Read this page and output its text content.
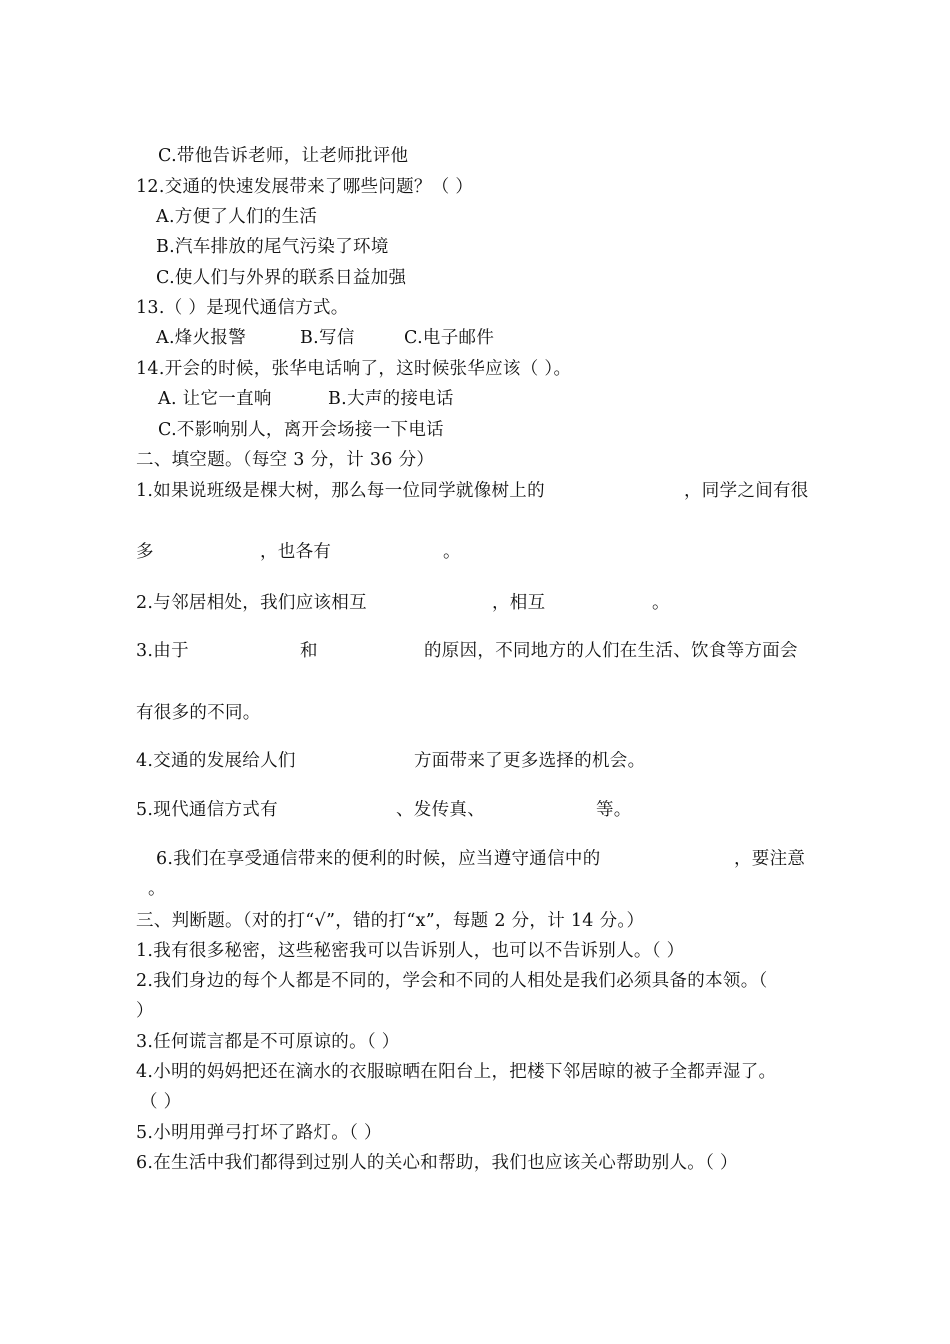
C.带他告诉老师，让老师批评他
12.交通的快速发展带来了哪些问题？（ ）
A.方便了人们的生活
B.汽车排放的尾气污染了环境
C.使人们与外界的联系日益加强
13.（ ）是现代通信方式。
A.烽火报警	B.写信	C.电子邮件
14.开会的时候，张华电话响了，这时候张华应该（ ）。
A. 让它一直响	B.大声的接电话
C.不影响别人，离开会场接一下电话
二、填空题。（每空 3 分，计 36 分）
1.如果说班级是棵大树，那么每一位同学就像树上的	，同学之间有很
多	，也各有	。
2.与邻居相处，我们应该相互	，相互	。
3.由于	和	的原因，不同地方的人们在生活、饮食等方面会
有很多的不同。
4.交通的发展给人们	方面带来了更多选择的机会。
5.现代通信方式有	、发传真、	等。
6.我们在享受通信带来的便利的时候，应当遵守通信中的	，要注意
。
三、判断题。（对的打“√”，错的打“x”，每题 2 分，计 14 分。）
1.我有很多秘密，这些秘密我可以告诉别人，也可以不告诉别人。（ ）
2.我们身边的每个人都是不同的，学会和不同的人相处是我们必须具备的本领。（
）
3.任何谎言都是不可原谅的。（ ）
4.小明的妈妈把还在滴水的衣服晾晒在阳台上，把楼下邻居晾的被子全都弄湿了。
（ ）
5.小明用弹弓打坏了路灯。（ ）
6.在生活中我们都得到过别人的关心和帮助，我们也应该关心帮助别人。（ ）
